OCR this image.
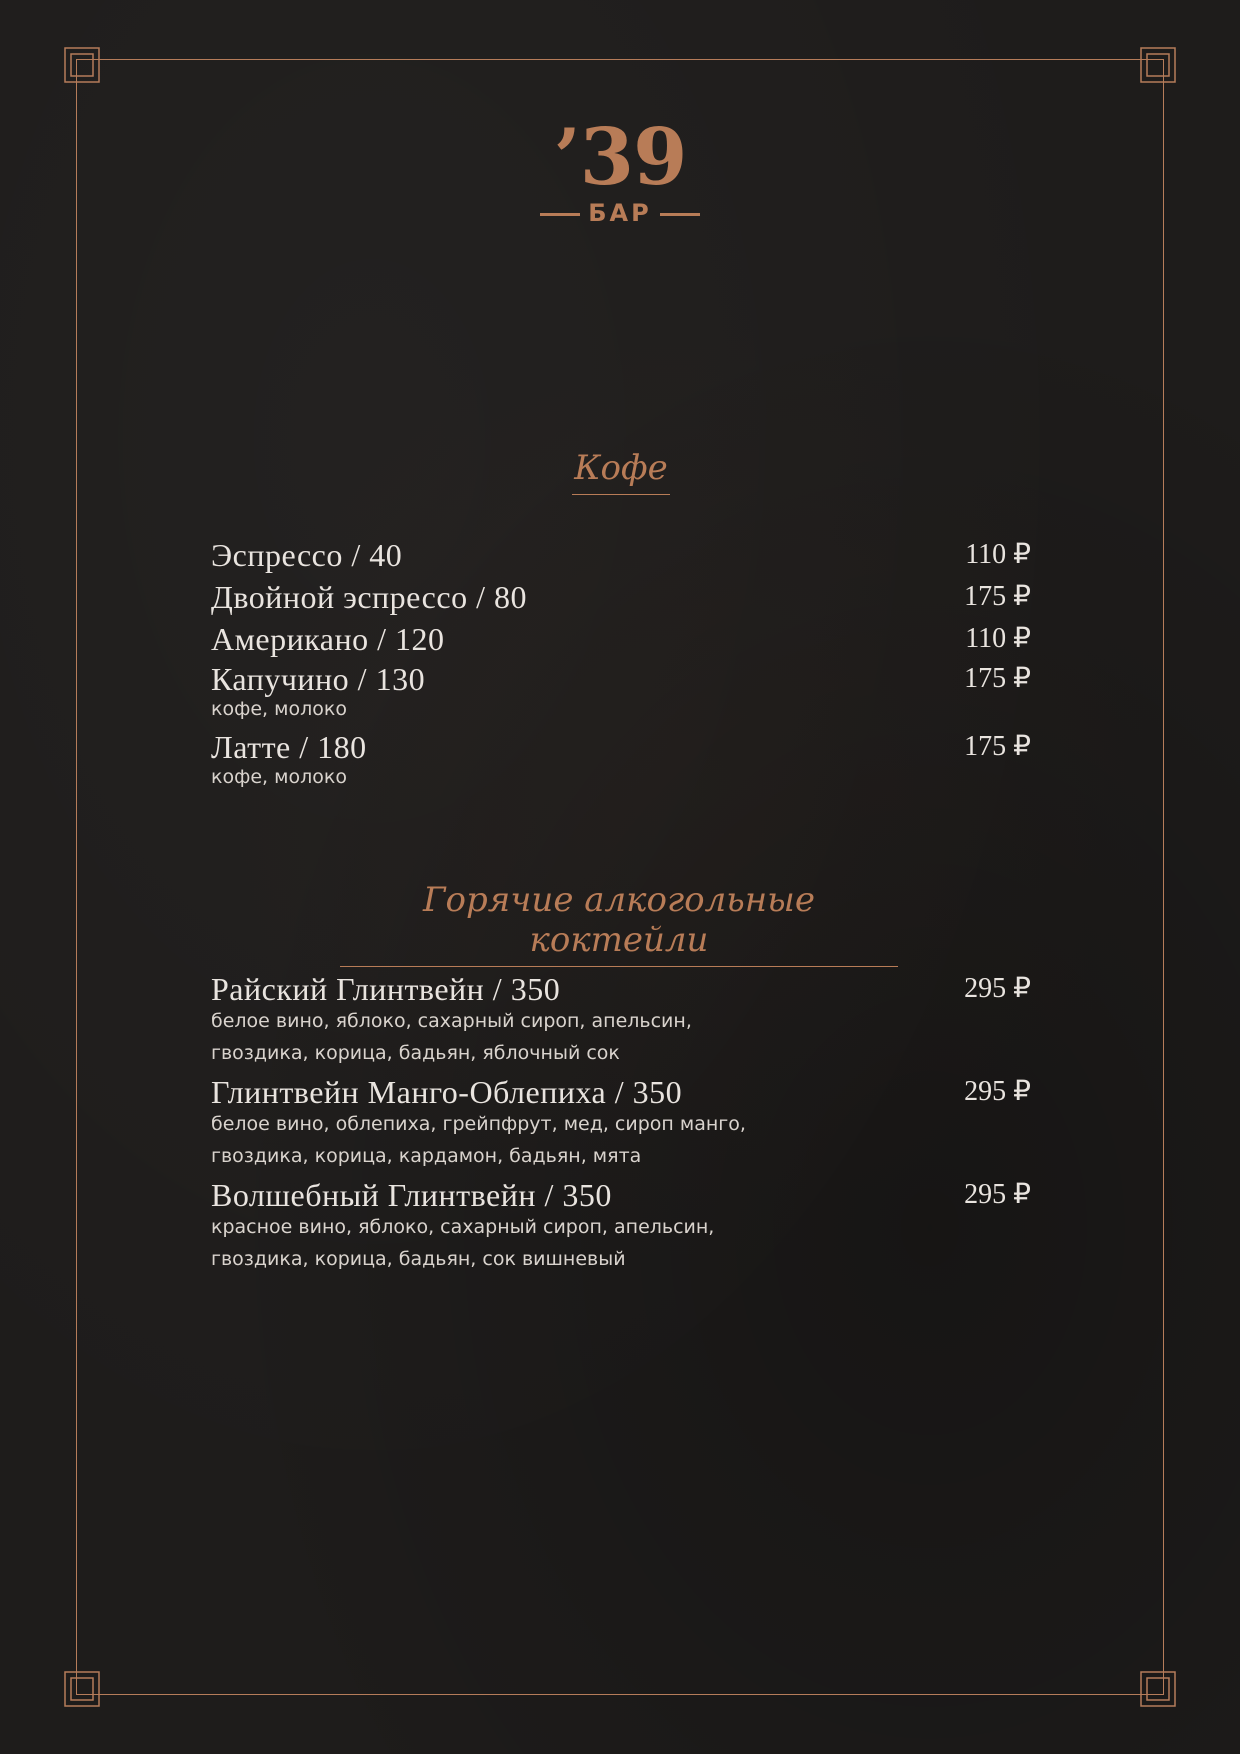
’39
БАР
Кофе
Эспрессо / 40	110 ₽
Двойной эспрессо / 80	175 ₽
Американо / 120	110 ₽
Капучино / 130	175 ₽
кофе, молоко
Латте / 180	175 ₽
кофе, молоко
Горячие алкогольные коктейли
Райский Глинтвейн / 350	295 ₽
белое вино, яблоко, сахарный сироп, апельсин,
гвоздика, корица, бадьян, яблочный сок
Глинтвейн Манго-Облепиха / 350	295 ₽
белое вино, облепиха, грейпфрут, мед, сироп манго,
гвоздика, корица, кардамон, бадьян, мята
Волшебный Глинтвейн / 350	295 ₽
красное вино, яблоко, сахарный сироп, апельсин,
гвоздика, корица, бадьян, сок вишневый
